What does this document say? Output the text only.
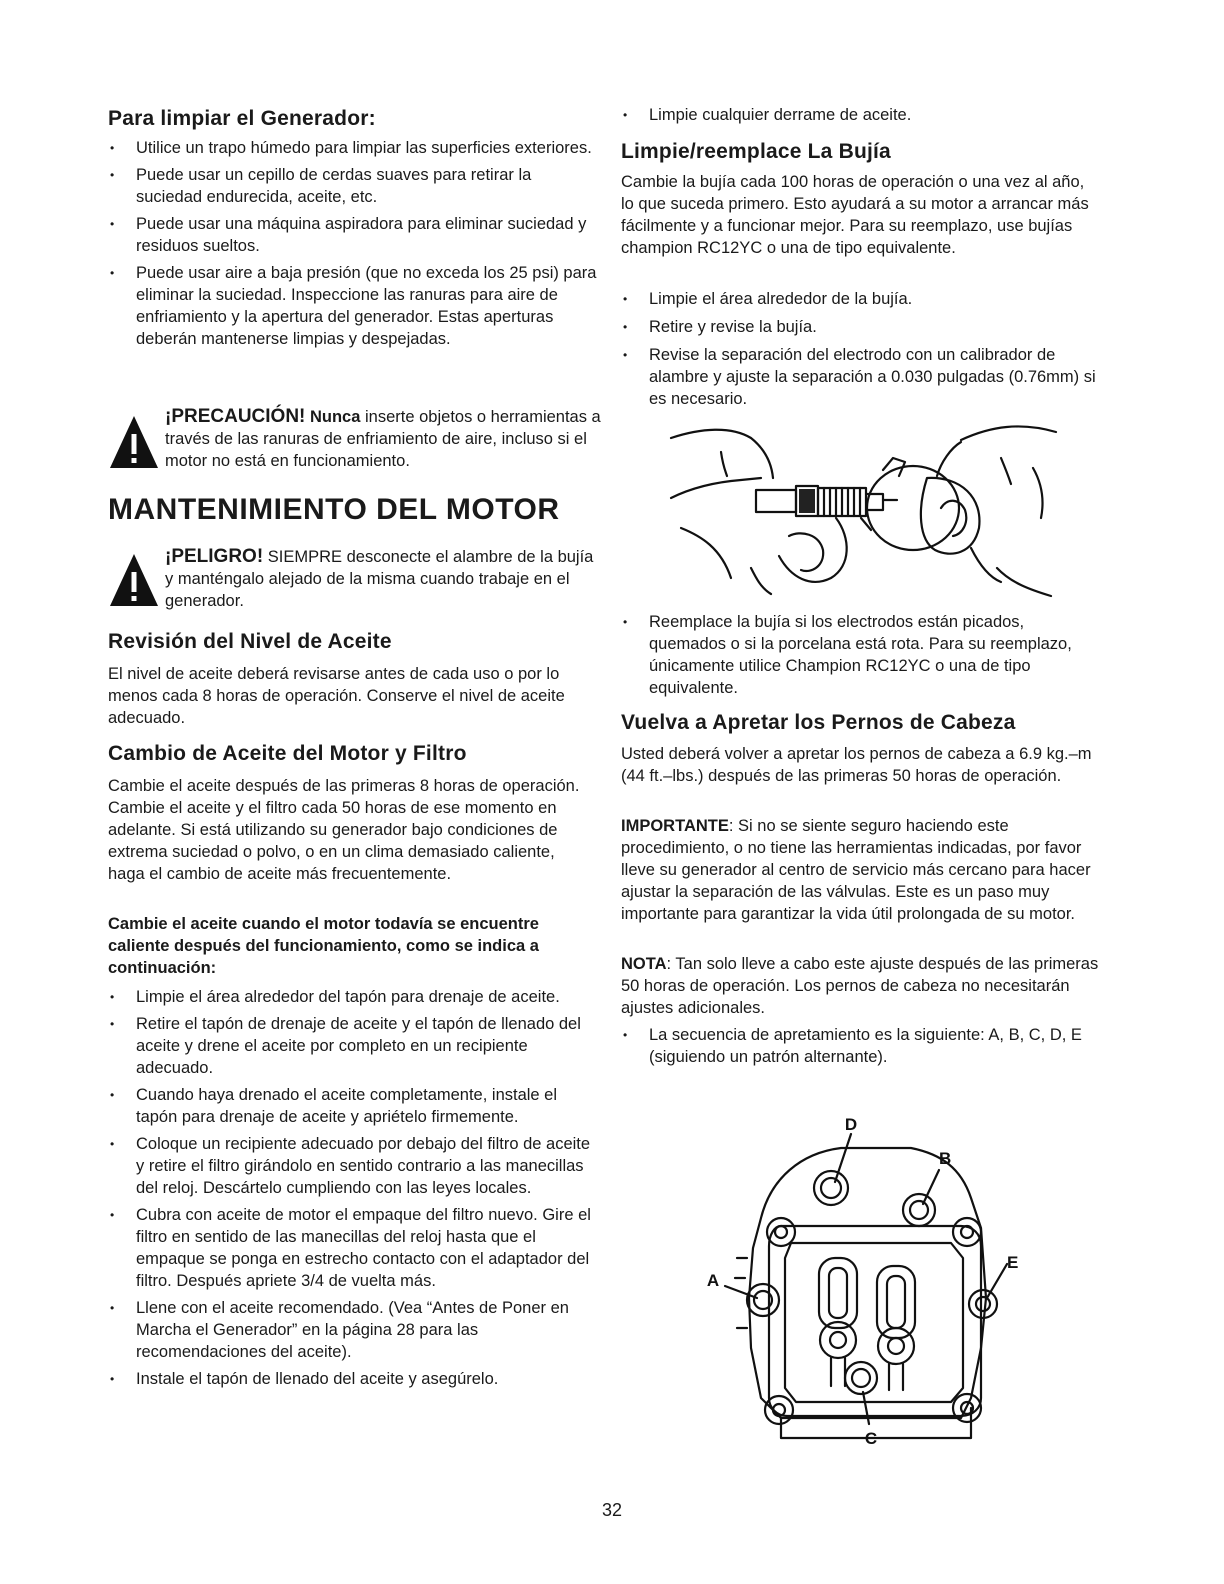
Para limpiar el Generador:
• Utilice un trapo húmedo para limpiar las superficies exteriores.
• Puede usar un cepillo de cerdas suaves para retirar la suciedad endurecida, aceite, etc.
• Puede usar una máquina aspiradora para eliminar suciedad y residuos sueltos.
• Puede usar aire a baja presión (que no exceda los 25 psi) para eliminar la suciedad. Inspeccione las ranuras para aire de enfriamiento y la apertura del generador. Estas aperturas deberán mantenerse limpias y despejadas.
¡PRECAUCIÓN! Nunca inserte objetos o herramientas a través de las ranuras de enfriamiento de aire, incluso si el motor no está en funcionamiento.
MANTENIMIENTO DEL MOTOR
¡PELIGRO! SIEMPRE desconecte el alambre de la bujía y manténgalo alejado de la misma cuando trabaje en el generador.
Revisión del Nivel de Aceite

El nivel de aceite deberá revisarse antes de cada uso o por lo menos cada 8 horas de operación. Conserve el nivel de aceite adecuado.

Cambio de Aceite del Motor y Filtro

Cambie el aceite después de las primeras 8 horas de operación. Cambie el aceite y el filtro cada 50 horas de ese momento en adelante. Si está utilizando su generador bajo condiciones de extrema suciedad o polvo, o en un clima demasiado caliente, haga el cambio de aceite más frecuentemente.

Cambie el aceite cuando el motor todavía se encuentre caliente después del funcionamiento, como se indica a continuación:

• Limpie el área alrededor del tapón para drenaje de aceite.
• Retire el tapón de drenaje de aceite y el tapón de llenado del aceite y drene el aceite por completo en un recipiente adecuado.
• Cuando haya drenado el aceite completamente, instale el tapón para drenaje de aceite y apriételo firmemente.
• Coloque un recipiente adecuado por debajo del filtro de aceite y retire el filtro girándolo en sentido contrario a las manecillas del reloj. Descártelo cumpliendo con las leyes locales.
• Cubra con aceite de motor el empaque del filtro nuevo. Gire el filtro en sentido de las manecillas del reloj hasta que el empaque se ponga en estrecho contacto con el adaptador del filtro. Después apriete 3/4 de vuelta más.
• Llene con el aceite recomendado. (Vea “Antes de Poner en Marcha el Generador” en la página 28 para las recomendaciones del aceite).
• Instale el tapón de llenado del aceite y asegúrelo.
• Limpie cualquier derrame de aceite.
Limpie/reemplace La Bujía

Cambie la bujía cada 100 horas de operación o una vez al año, lo que suceda primero. Esto ayudará a su motor a arrancar más fácilmente y a funcionar mejor. Para su reemplazo, use bujías champion RC12YC o una de tipo equivalente.

• Limpie el área alrededor de la bujía.
• Retire y revise la bujía.
• Revise la separación del electrodo con un calibrador de alambre y ajuste la separación a 0.030 pulgadas (0.76mm) si es necesario.
• Reemplace la bujía si los electrodos están picados, quemados o si la porcelana está rota. Para su reemplazo, únicamente utilice Champion RC12YC o una de tipo equivalente.
Vuelva a Apretar los Pernos de Cabeza

Usted deberá volver a apretar los pernos de cabeza a 6.9 kg.–m (44 ft.–lbs.) después de las primeras 50 horas de operación.

IMPORTANTE: Si no se siente seguro haciendo este procedimiento, o no tiene las herramientas indicadas, por favor lleve su generador al centro de servicio más cercano para hacer ajustar la separación de las válvulas. Este es un paso muy importante para garantizar la vida útil prolongada de su motor.

NOTA: Tan solo lleve a cabo este ajuste después de las primeras 50 horas de operación. Los pernos de cabeza no necesitarán ajustes adicionales.

• La secuencia de apretamiento es la siguiente: A, B, C, D, E (siguiendo un patrón alternante).
D
B
A
E
C
32
